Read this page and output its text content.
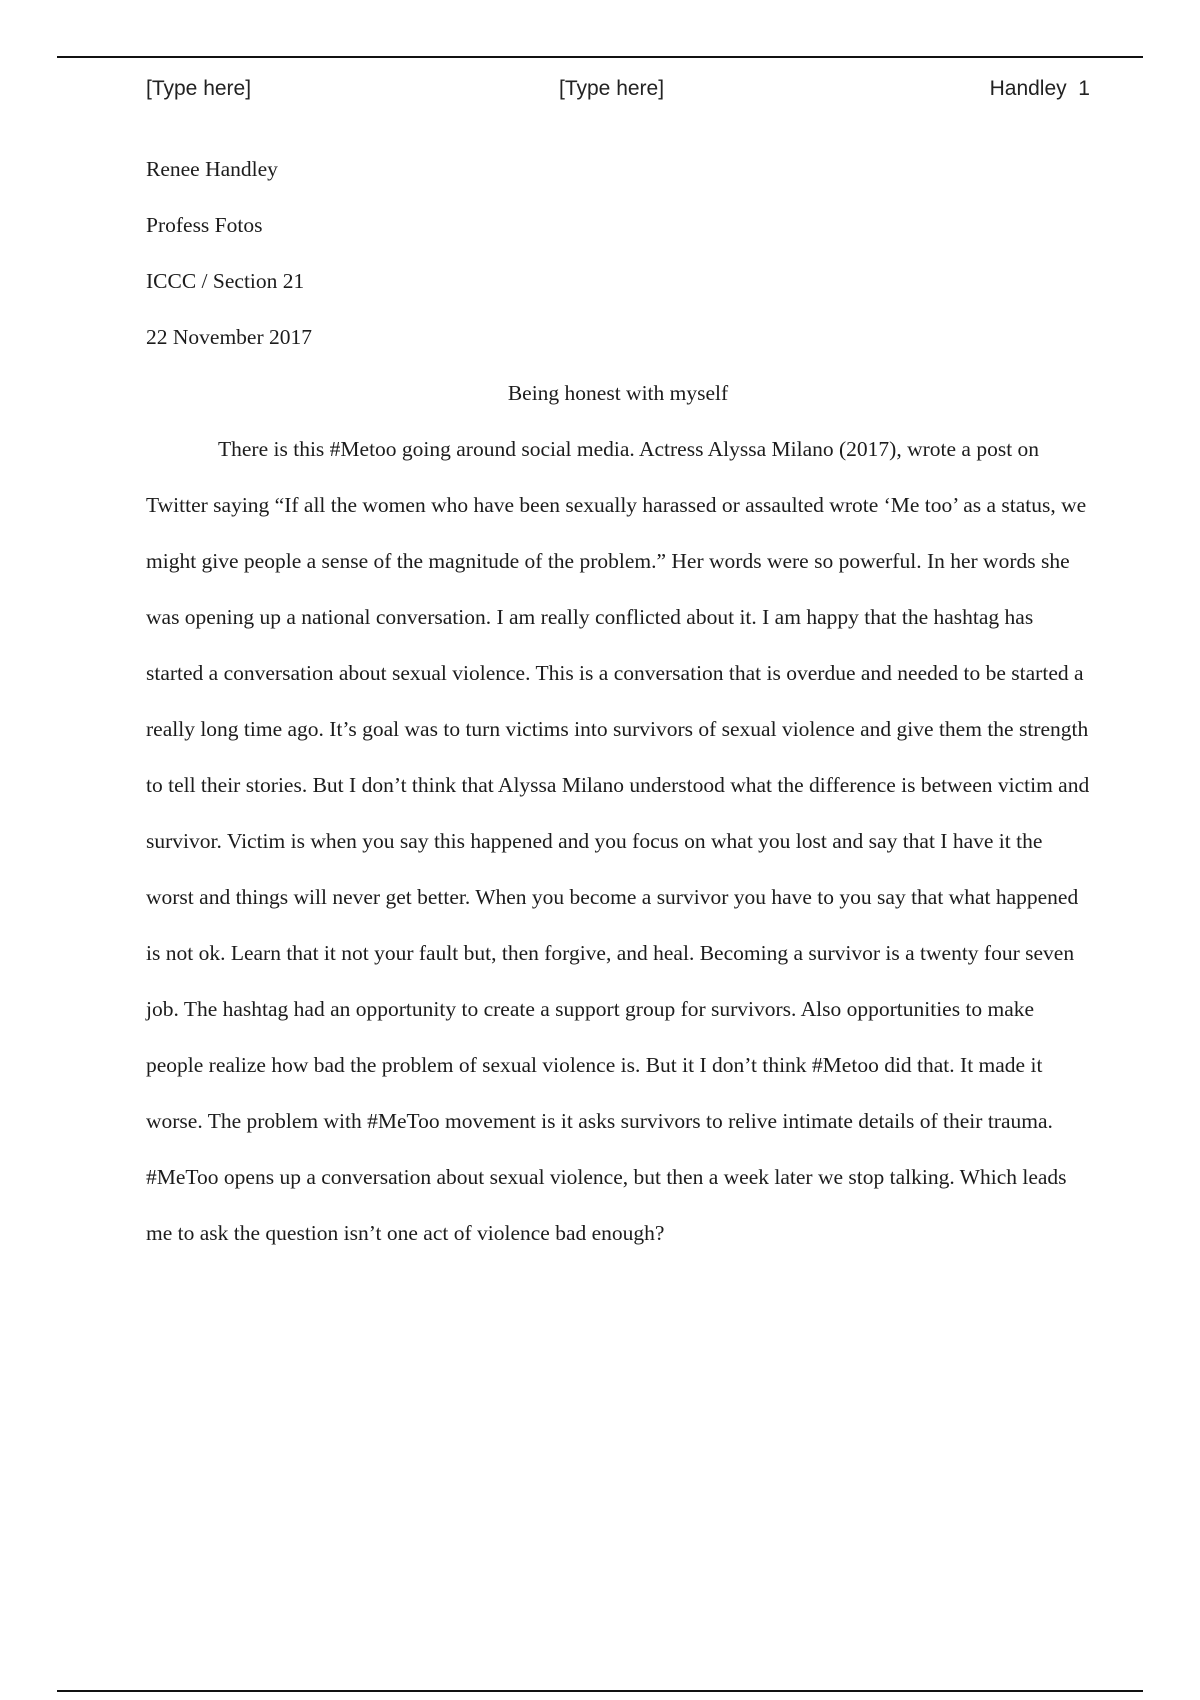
[Type here]	[Type here]	Handley  1

Renee Handley

Profess Fotos

ICCC / Section 21

22 November 2017

Being honest with myself

There is this #Metoo going around social media. Actress Alyssa Milano (2017), wrote a post on Twitter saying “If all the women who have been sexually harassed or assaulted wrote ‘Me too’ as a status, we might give people a sense of the magnitude of the problem.” Her words were so powerful. In her words she was opening up a national conversation. I am really conflicted about it. I am happy that the hashtag has started a conversation about sexual violence. This is a conversation that is overdue and needed to be started a really long time ago. It’s goal was to turn victims into survivors of sexual violence and give them the strength to tell their stories. But I don’t think that Alyssa Milano understood what the difference is between victim and survivor. Victim is when you say this happened and you focus on what you lost and say that I have it the worst and things will never get better. When you become a survivor you have to you say that what happened is not ok. Learn that it not your fault but, then forgive, and heal. Becoming a survivor is a twenty four seven job. The hashtag had an opportunity to create a support group for survivors. Also opportunities to make people realize how bad the problem of sexual violence is. But it I don’t think #Metoo did that. It made it worse. The problem with #MeToo movement is it asks survivors to relive intimate details of their trauma. #MeToo opens up a conversation about sexual violence, but then a week later we stop talking. Which leads me to ask the question isn’t one act of violence bad enough?
